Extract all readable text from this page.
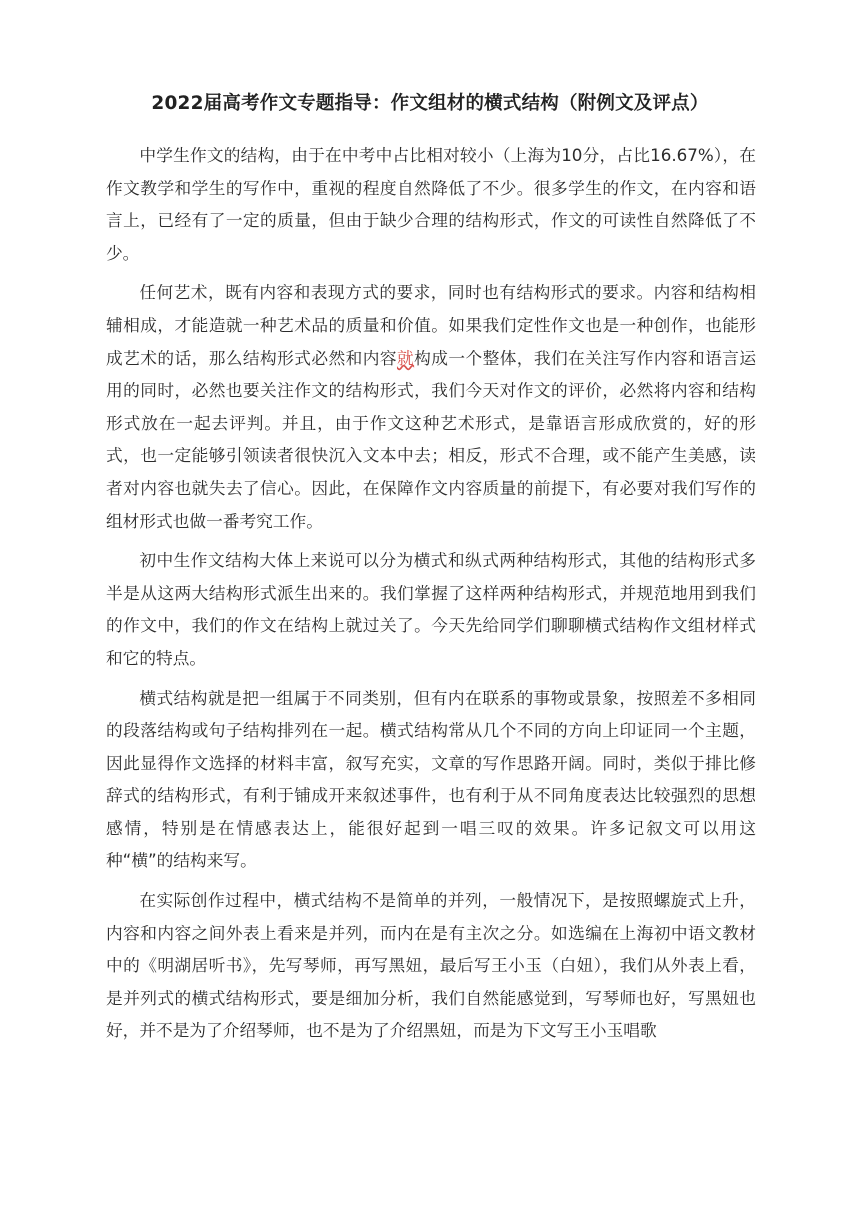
2022届高考作文专题指导：作文组材的横式结构（附例文及评点）

中学生作文的结构，由于在中考中占比相对较小（上海为10分，占比16.67%），在作文教学和学生的写作中，重视的程度自然降低了不少。很多学生的作文，在内容和语言上，已经有了一定的质量，但由于缺少合理的结构形式，作文的可读性自然降低了不少。

任何艺术，既有内容和表现方式的要求，同时也有结构形式的要求。内容和结构相辅相成，才能造就一种艺术品的质量和价值。如果我们定性作文也是一种创作，也能形成艺术的话，那么结构形式必然和内容就构成一个整体，我们在关注写作内容和语言运用的同时，必然也要关注作文的结构形式，我们今天对作文的评价，必然将内容和结构形式放在一起去评判。并且，由于作文这种艺术形式，是靠语言形成欣赏的，好的形式，也一定能够引领读者很快沉入文本中去；相反，形式不合理，或不能产生美感，读者对内容也就失去了信心。因此，在保障作文内容质量的前提下，有必要对我们写作的组材形式也做一番考究工作。

初中生作文结构大体上来说可以分为横式和纵式两种结构形式，其他的结构形式多半是从这两大结构形式派生出来的。我们掌握了这样两种结构形式，并规范地用到我们的作文中，我们的作文在结构上就过关了。今天先给同学们聊聊横式结构作文组材样式和它的特点。

横式结构就是把一组属于不同类别，但有内在联系的事物或景象，按照差不多相同的段落结构或句子结构排列在一起。横式结构常从几个不同的方向上印证同一个主题，因此显得作文选择的材料丰富，叙写充实，文章的写作思路开阔。同时，类似于排比修辞式的结构形式，有利于铺成开来叙述事件，也有利于从不同角度表达比较强烈的思想感情，特别是在情感表达上，能很好起到一唱三叹的效果。许多记叙文可以用这种“横”的结构来写。

在实际创作过程中，横式结构不是简单的并列，一般情况下，是按照螺旋式上升，内容和内容之间外表上看来是并列，而内在是有主次之分。如选编在上海初中语文教材中的《明湖居听书》，先写琴师，再写黑妞，最后写王小玉（白妞），我们从外表上看，是并列式的横式结构形式，要是细加分析，我们自然能感觉到，写琴师也好，写黑妞也好，并不是为了介绍琴师，也不是为了介绍黑妞，而是为下文写王小玉唱歌
